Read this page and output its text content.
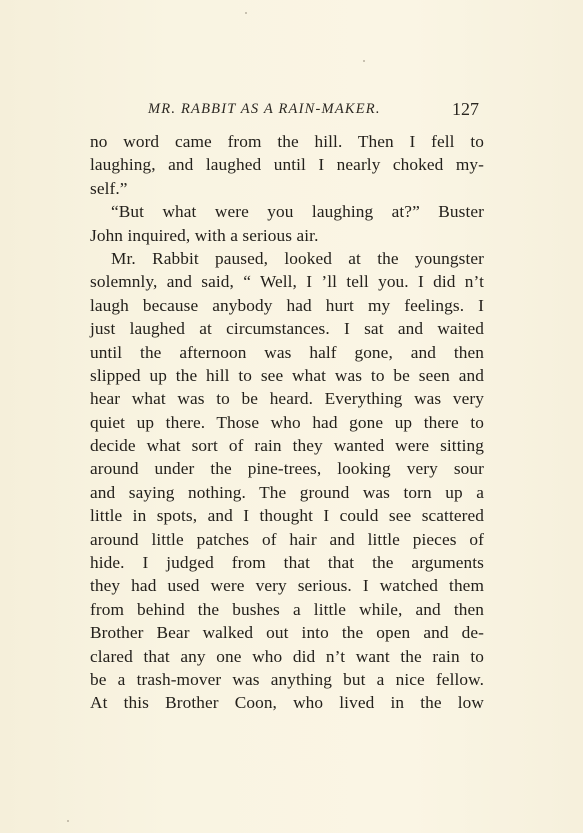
MR. RABBIT AS A RAIN-MAKER.	127
no word came from the hill. Then I fell to
laughing, and laughed until I nearly choked my-
self.”
“But what were you laughing at?” Buster
John inquired, with a serious air.
Mr. Rabbit paused, looked at the youngster
solemnly, and said, “ Well, I ’ll tell you. I did n’t
laugh because anybody had hurt my feelings. I
just laughed at circumstances. I sat and waited
until the afternoon was half gone, and then
slipped up the hill to see what was to be seen and
hear what was to be heard. Everything was very
quiet up there. Those who had gone up there to
decide what sort of rain they wanted were sitting
around under the pine-trees, looking very sour
and saying nothing. The ground was torn up a
little in spots, and I thought I could see scattered
around little patches of hair and little pieces of
hide. I judged from that that the arguments
they had used were very serious. I watched them
from behind the bushes a little while, and then
Brother Bear walked out into the open and de-
clared that any one who did n’t want the rain to
be a trash-mover was anything but a nice fellow.
At this Brother Coon, who lived in the low
